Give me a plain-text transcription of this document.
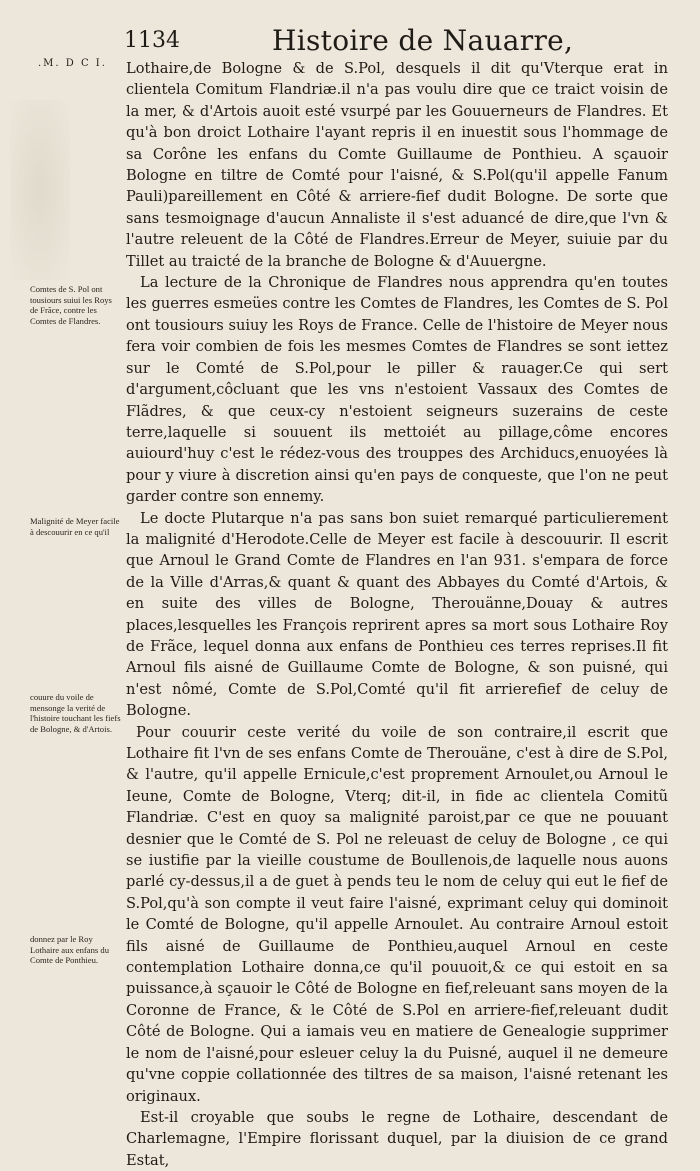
1134	Histoire de Nauarre,
.M. D C I.
Comtes de S. Pol ont tousiours suiui les Roys de Frãce, contre les Comtes de Flandres.
Malignité de Meyer facile à descouurir en ce qu'il
couure du voile de mensonge la verité de l'histoire touchant les fiefs de Bologne, & d'Artois.
donnez par le Roy Lothaire aux enfans du Comte de Ponthieu.

Lothaire,de Bologne & de S.Pol, desquels il dit qu'Vterque erat in clientela Comitum Flandriæ.il n'a pas voulu dire que ce traict voisin de la mer, & d'Artois auoit esté vsurpé par les Gouuerneurs de Flandres. Et qu'à bon droict Lothaire l'ayant repris il en inuestit sous l'hommage de sa Corône les enfans du Comte Guillaume de Ponthieu. A sçauoir Bologne en tiltre de Comté pour l'aisné, & S.Pol(qu'il appelle Fanum Pauli)pareillement en Côté & arriere-fief dudit Bologne. De sorte que sans tesmoignage d'aucun Annaliste il s'est aduancé de dire,que l'vn & l'autre releuent de la Côté de Flandres.Erreur de Meyer, suiuie par du Tillet au traicté de la branche de Bologne & d'Auuergne.

La lecture de la Chronique de Flandres nous apprendra qu'en toutes les guerres esmeües contre les Comtes de Flandres, les Comtes de S. Pol ont tousiours suiuy les Roys de France. Celle de l'histoire de Meyer nous fera voir combien de fois les mesmes Comtes de Flandres se sont iettez sur le Comté de S.Pol,pour le piller & rauager.Ce qui sert d'argument,côcluant que les vns n'estoient Vassaux des Comtes de Flãdres, & que ceux-cy n'estoient seigneurs suzerains de ceste terre,laquelle si souuent ils mettoiét au pillage,côme encores auiourd'huy c'est le rédez-vous des trouppes des Archiducs,enuoyées là pour y viure à discretion ainsi qu'en pays de conqueste, que l'on ne peut garder contre son ennemy.

Le docte Plutarque n'a pas sans bon suiet remarqué particulierement la malignité d'Herodote.Celle de Meyer est facile à descouurir. Il escrit que Arnoul le Grand Comte de Flandres en l'an 931. s'empara de force de la Ville d'Arras,& quant & quant des Abbayes du Comté d'Artois, & en suite des villes de Bologne, Therouänne,Douay & autres places,lesquelles les François reprirent apres sa mort sous Lothaire Roy de Frãce, lequel donna aux enfans de Ponthieu ces terres reprises.Il fit Arnoul fils aisné de Guillaume Comte de Bologne, & son puisné, qui n'est nômé, Comte de S.Pol,Comté qu'il fit arrierefief de celuy de Bologne.

Pour couurir ceste verité du voile de son contraire,il escrit que Lothaire fit l'vn de ses enfans Comte de Therouäne, c'est à dire de S.Pol, & l'autre, qu'il appelle Ernicule,c'est proprement Arnoulet,ou Arnoul le Ieune, Comte de Bologne, Vterq; dit-il, in fide ac clientela Comitũ Flandriæ. C'est en quoy sa malignité paroist,par ce que ne pouuant desnier que le Comté de S. Pol ne releuast de celuy de Bologne , ce qui se iustifie par la vieille coustume de Boullenois,de laquelle nous auons parlé cy-dessus,il a de guet à pends teu le nom de celuy qui eut le fief de S.Pol,qu'à son compte il veut faire l'aisné, exprimant celuy qui dominoit le Comté de Bologne, qu'il appelle Arnoulet. Au contraire Arnoul estoit fils aisné de Guillaume de Ponthieu,auquel Arnoul en ceste contemplation Lothaire donna,ce qu'il pouuoit,& ce qui estoit en sa puissance,à sçauoir le Côté de Bologne en fief,releuant sans moyen de la Coronne de France, & le Côté de S.Pol en arriere-fief,releuant dudit Côté de Bologne. Qui a iamais veu en matiere de Genealogie supprimer le nom de l'aisné,pour esleuer celuy la du Puisné, auquel il ne demeure qu'vne coppie collationnée des tiltres de sa maison, l'aisné retenant les originaux.

Est-il croyable que soubs le regne de Lothaire, descendant de Charlemagne, l'Empire florissant duquel, par la diuision de ce grand Estat,
